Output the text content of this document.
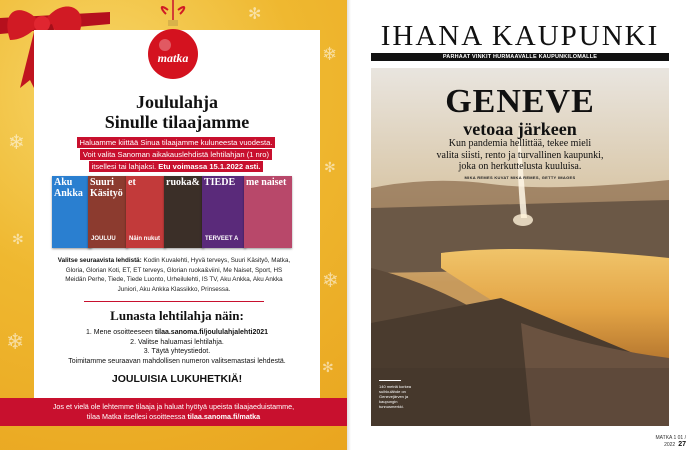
❄
✻
❄
❄
✻
❄
✻
✻
matka
Joululahja
Sinulle tilaajamme
Haluamme kiittää Sinua tilaajamme kuluneesta vuodesta.
Voit valita Sanoman aikakauslehdistä lehtilahjan (1 nro)
itsellesi tai lahjaksi. Etu voimassa 15.1.2022 asti.
Aku Ankka
Suuri Käsityö
JOULUU
et
Näin nukut
ruoka& TIEDE
TERVEET A
me naiset
Valitse seuraavista lehdistä: Kodin Kuvalehti, Hyvä terveys, Suuri Käsityö, Matka, Gloria, Glorian Koti, ET, ET terveys, Glorian ruoka&viini, Me Naiset, Sport, HS Meidän Perhe, Tiede, Tiede Luonto, Urheilulehti, IS TV, Aku Ankka, Aku Ankka Juniori, Aku Ankka Klassikko, Prinsessa.
Lunasta lehtilahja näin:
1. Mene osoitteeseen tilaa.sanoma.fi/joululahjalehti2021
2. Valitse haluamasi lehtilahja.
3. Täytä yhteystiedot.
Toimitamme seuraavan mahdollisen numeron valitsemastasi lehdestä.
JOULUISIA LUKUHETKIÄ!
Jos et vielä ole lehtemme tilaaja ja haluat hyötyä upeista tilaajaeduistamme,
tilaa Matka itsellesi osoitteessa tilaa.sanoma.fi/matka
IHANA KAUPUNKI
PARHAAT VINKIT HURMAAVALLE KAUPUNKILOMALLE
GENEVE
vetoaa järkeen
Kun pandemia hellittää, tekee mieli
valita siisti, rento ja turvallinen kaupunki,
joka on herkuttelusta kuuluisa.
MIKA REMES KUVAT MIKA REMES, GETTY IMAGES
140 metriä korkea suihkulähde on Genevejärven ja kaupungin tunnusmerkki.
MATKA 1 01 / 2022 27
